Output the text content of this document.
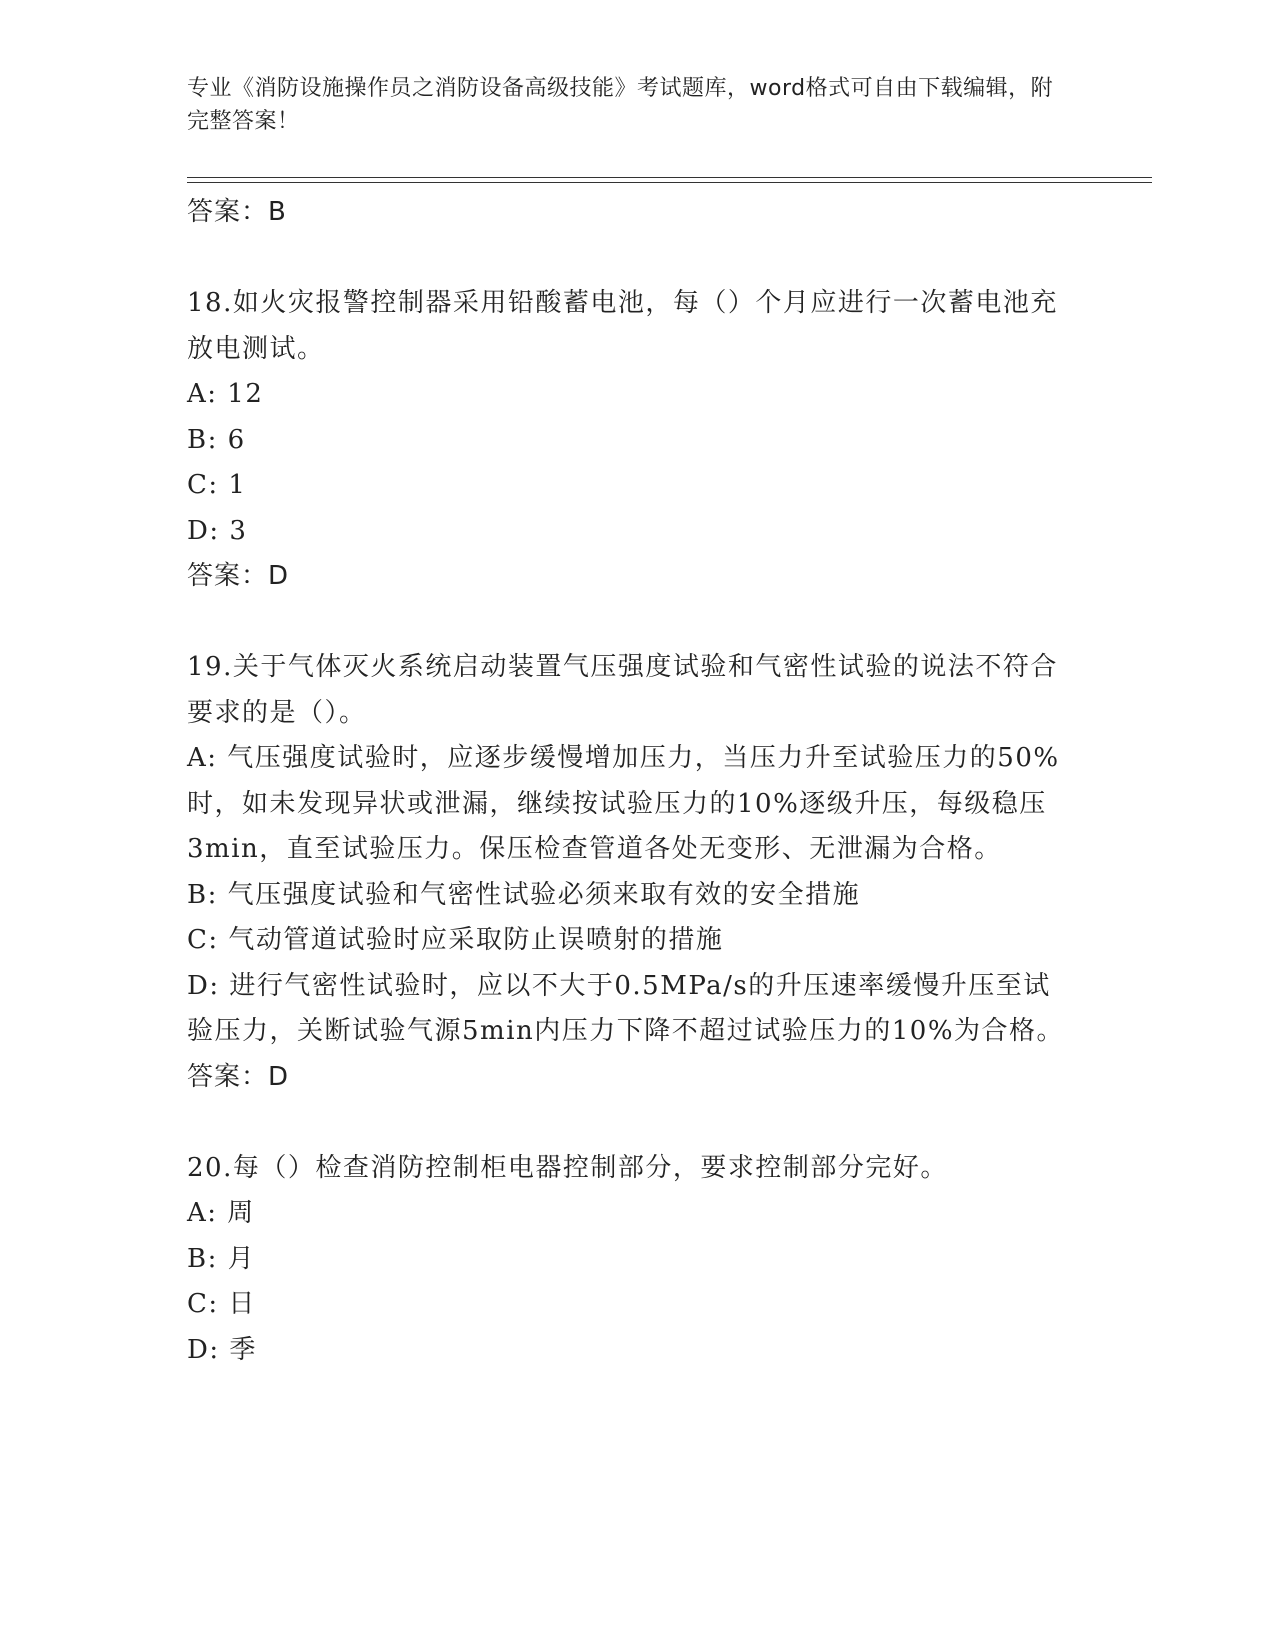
专业《消防设施操作员之消防设备高级技能》考试题库，word格式可自由下载编辑，附完整答案！

答案：B

18.如火灾报警控制器采用铅酸蓄电池，每（）个月应进行一次蓄电池充放电测试。

A: 12

B: 6

C: 1

D: 3

答案：D

19.关于气体灭火系统启动装置气压强度试验和气密性试验的说法不符合要求的是（）。

A: 气压强度试验时，应逐步缓慢增加压力，当压力升至试验压力的50%时，如未发现异状或泄漏，继续按试验压力的10%逐级升压，每级稳压3min，直至试验压力。保压检查管道各处无变形、无泄漏为合格。

B: 气压强度试验和气密性试验必须来取有效的安全措施

C: 气动管道试验时应采取防止误喷射的措施

D: 进行气密性试验时，应以不大于0.5MPa/s的升压速率缓慢升压至试验压力，关断试验气源5min内压力下降不超过试验压力的10%为合格。

答案：D

20.每（）检查消防控制柜电器控制部分，要求控制部分完好。

A: 周

B: 月

C: 日

D: 季
